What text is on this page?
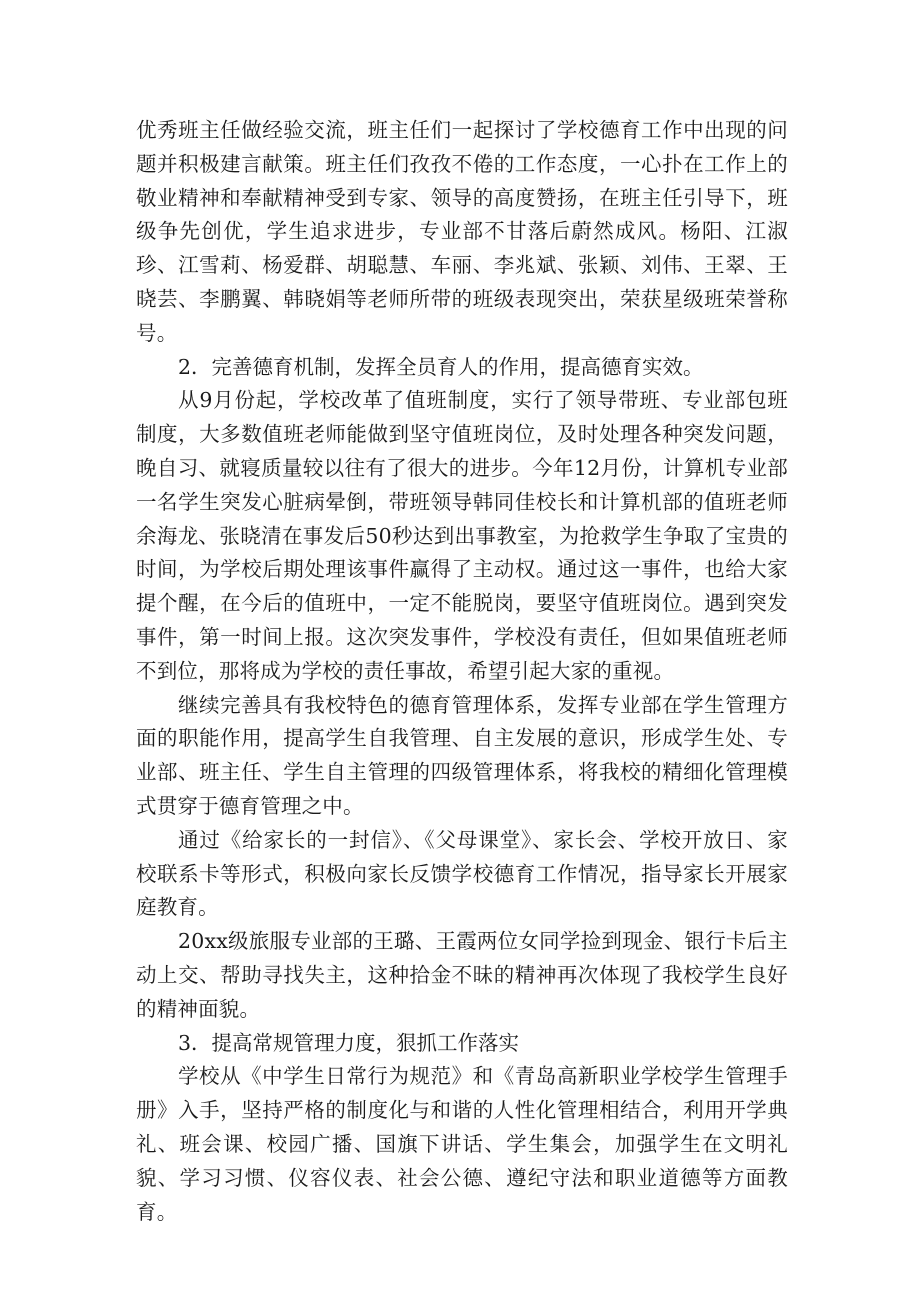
优秀班主任做经验交流，班主任们一起探讨了学校德育工作中出现的问题并积极建言献策。班主任们孜孜不倦的工作态度，一心扑在工作上的敬业精神和奉献精神受到专家、领导的高度赞扬，在班主任引导下，班级争先创优，学生追求进步，专业部不甘落后蔚然成风。杨阳、江淑珍、江雪莉、杨爱群、胡聪慧、车丽、李兆斌、张颖、刘伟、王翠、王晓芸、李鹏翼、韩晓娟等老师所带的班级表现突出，荣获星级班荣誉称号。

2．完善德育机制，发挥全员育人的作用，提高德育实效。

从9月份起，学校改革了值班制度，实行了领导带班、专业部包班制度，大多数值班老师能做到坚守值班岗位，及时处理各种突发问题，晚自习、就寝质量较以往有了很大的进步。今年12月份，计算机专业部一名学生突发心脏病晕倒，带班领导韩同佳校长和计算机部的值班老师余海龙、张晓清在事发后50秒达到出事教室，为抢救学生争取了宝贵的时间，为学校后期处理该事件赢得了主动权。通过这一事件，也给大家提个醒，在今后的值班中，一定不能脱岗，要坚守值班岗位。遇到突发事件，第一时间上报。这次突发事件，学校没有责任，但如果值班老师不到位，那将成为学校的责任事故，希望引起大家的重视。

继续完善具有我校特色的德育管理体系，发挥专业部在学生管理方面的职能作用，提高学生自我管理、自主发展的意识，形成学生处、专业部、班主任、学生自主管理的四级管理体系，将我校的精细化管理模式贯穿于德育管理之中。

通过《给家长的一封信》、《父母课堂》、家长会、学校开放日、家校联系卡等形式，积极向家长反馈学校德育工作情况，指导家长开展家庭教育。

20xx级旅服专业部的王璐、王霞两位女同学捡到现金、银行卡后主动上交、帮助寻找失主，这种拾金不昧的精神再次体现了我校学生良好的精神面貌。

3．提高常规管理力度，狠抓工作落实

学校从《中学生日常行为规范》和《青岛高新职业学校学生管理手册》入手，坚持严格的制度化与和谐的人性化管理相结合，利用开学典礼、班会课、校园广播、国旗下讲话、学生集会，加强学生在文明礼貌、学习习惯、仪容仪表、社会公德、遵纪守法和职业道德等方面教育。
